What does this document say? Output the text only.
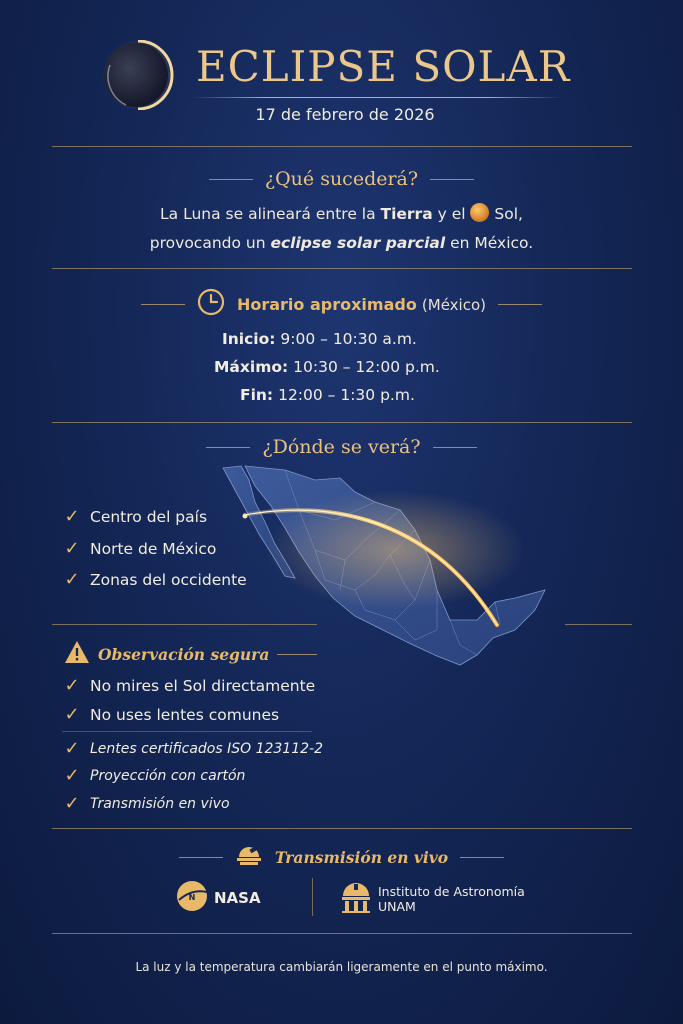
ECLIPSE SOLAR
17 de febrero de 2026
¿Qué sucederá?
La Luna se alineará entre la Tierra y el  Sol,
provocando un eclipse solar parcial en México.
Horario aproximado (México)
Inicio: 9:00 – 10:30 a.m.
Máximo: 10:30 – 12:00 p.m.
Fin: 12:00 – 1:30 p.m.
¿Dónde se verá?
✓ Centro del país
✓ Norte de México
✓ Zonas del occidente
Observación segura
✓ No mires el Sol directamente
✓ No uses lentes comunes
✓ Lentes certificados ISO 123112-2
✓ Proyección con cartón
✓ Transmisión en vivo
Transmisión en vivo
N NASA	Instituto de Astronomía
UNAM
La luz y la temperatura cambiarán ligeramente en el punto máximo.
